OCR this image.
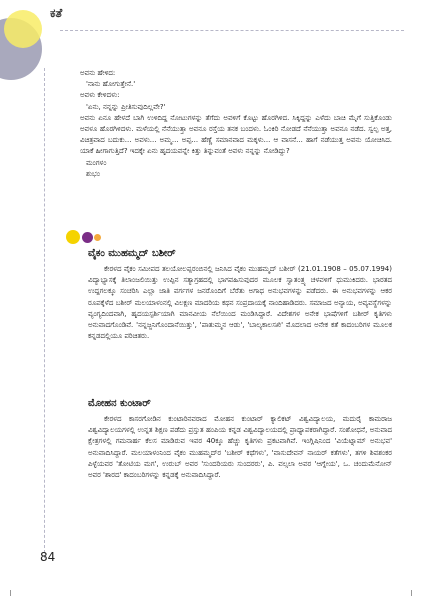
ಕತೆ

ಅವನು ಹೇಳಿದ:

'ನಾನು ಹೋಗುತ್ತೇನೆ.'

ಅವಳು ಕೇಳಿದಳು:

'ಏನು, ನನ್ನನ್ನು ಪ್ರೀತಿಸುವುದಿಲ್ಲವೇ?'

ಅವನು ಏನೂ ಹೇಳದೆ ಬಾಗಿ ಉಳಿದಿದ್ದ ನೋಟುಗಳನ್ನು ತೆಗೆದು ಅವಳಿಗೆ ಕೊಟ್ಟು ಹೊರಗಿಳಿದ. ಸಿಕ್ಕಿದ್ದನ್ನು ಎಳೆದು ಬಾಚಿ ಮೈಗೆ ಸುತ್ತಿಕೊಂಡು ಅವಳೂ ಹೊರಗಿಳಿದಳು. ಮಳೆಯಲ್ಲಿ ನೆನೆಯುತ್ತಾ ಅವನೂ ರಸ್ತೆಯ ತನಕ ಬಂದಳು. ಓಂಕಿರಿ ನೋಡದೆ ನೆನೆಯುತ್ತಾ ಅವನೂ ನಡೆದ. ಸ್ವಲ್ಪ ಅತ್ತ, ವಿಚಿತ್ರವಾದ ಬದುಕು... ಅವಳು... ಅಮ್ಮ... ಅಪ್ಪ... ಹೆಣ್ಣೆ ಸಮಾನವಾದ ಮಕ್ಕಳು... ಆ ವಾಸನೆ... ಹಾಗೆ ನಡೆಯುತ್ತ ಅವನು ಯೋಚಿಸಿದ. ಯಾಕೆ ಹೀಗಾಗುತ್ತಿದೆ? ಇದಕ್ಕೇ ಏನು ಹೃದಯವನ್ನೇ ಕಿತ್ತು ತಿನ್ನುವಂತೆ ಅವಳು ನನ್ನನ್ನು ನೋಡಿದ್ದು?

ಮಂಗಳಂ

ಶುಭಂ

ವೈಕಂ ಮುಹಮ್ಮದ್ ಬಶೀರ್
ಕೇರಳದ ವೈಕಂ ಸಮೀಪದ ತಲಯೋಲಪ್ಪರಂಬಿನಲ್ಲಿ ಜನಿಸಿದ ವೈಕಂ ಮುಹಮ್ಮದ್ ಬಶೀರ್ (21.01.1908 – 05.07.1994) ವಿದ್ಯಾಭ್ಯಾಸಕ್ಕೆ ತಿಲಾಂಜಲಿಯಿತ್ತು ಉಪ್ಪಿನ ಸತ್ಯಾಗ್ರಹದಲ್ಲಿ ಭಾಗವಹಿಸುವುದರ ಮೂಲಕ ಸ್ವಾತಂತ್ರ್ಯ ಚಳವಳಿಗೆ ಧುಮುಕಿದರು. ಭಾರತದ ಉದ್ದಗಲಕ್ಕೂ ಸಂಚರಿಸಿ ಎಲ್ಲಾ ಜಾತಿ ವರ್ಗಗಳ ಜನರೊಂದಿಗೆ ಬೆರೆತು ಅಗಾಧ ಅನುಭವಗಳನ್ನು ಪಡೆದರು. ಈ ಅನುಭವಗಳನ್ನು ಆಕರ ರೂಪಕ್ಕೆಳೆದ ಬಶೀರ್ ಮಲಯಾಳಂನಲ್ಲಿ ವಿಲಕ್ಷಣ ಮಾದರಿಯ ಕಥನ ಸಂಪ್ರದಾಯಕ್ಕೆ ನಾಂದಿಹಾಡಿದರು. ಸಮಾಜದ ಅನ್ಯಾಯ, ಅವ್ಯವಸ್ಥೆಗಳನ್ನು ವ್ಯಂಗ್ಯದಿಂದವಾಗಿ, ಹೃದಯಸ್ಪರ್ಶಿಯಾಗಿ ಮಾನವೀಯ ನೆಲೆಯಿಂದ ಮಂಡಿಸಿದ್ದಾರೆ. ವಿದೇಶಗಳ ಅನೇಕ ಭಾಷೆಗಳಿಗೆ ಬಶೀರ್ ಕೃತಿಗಳು ಅನುವಾದಗೊಂಡಿವೆ. 'ನನ್ನಜ್ಜನಿಗೊಂದಾನೆಯಿತ್ತು', 'ಪಾತುಮ್ಮನ ಆಡು', 'ಬಾಲ್ಯಕಾಲಸಖಿ' ಮೊದಲಾದ ಅನೇಕ ಕತೆ ಕಾದಂಬರಿಗಳ ಮೂಲಕ ಕನ್ನಡದಲ್ಲಿಯೂ ಪರಿಚಿತರು.
ಮೋಹನ ಕುಂಟಾರ್
ಕೇರಳದ ಕಾಸರಗೋಡಿನ ಕುಂಟಾರಿನವರಾದ ಮೋಹನ ಕುಂಟಾರ್ ಕ್ಯಾಲಿಕಟ್ ವಿಶ್ವವಿದ್ಯಾಲಯ, ಮದುರೈ ಕಾಮರಾಜ ವಿಶ್ವವಿದ್ಯಾಲಯಗಳಲ್ಲಿ ಉನ್ನತ ಶಿಕ್ಷಣ ಪಡೆದು ಪ್ರಸ್ತುತ ಹಂಪಿಯ ಕನ್ನಡ ವಿಶ್ವವಿದ್ಯಾಲಯದಲ್ಲಿ ಪ್ರಾಧ್ಯಾಪಕರಾಗಿದ್ದಾರೆ. ಸಂಶೋಧನೆ, ಅನುವಾದ ಕ್ಷೇತ್ರಗಳಲ್ಲಿ ಗಮನಾರ್ಹ ಕೆಲಸ ಮಾಡಿರುವ ಇವರ 40ಕ್ಕೂ ಹೆಚ್ಚು ಕೃತಿಗಳು ಪ್ರಕಟವಾಗಿವೆ. ಇಂಗ್ಲಿಷಿನಿಂದ 'ವಿಯೆಟ್ನಾಮ್ ಅನುಭವ' ಅನುವಾದಿಸಿದ್ದಾರೆ. ಮಲಯಾಳಂನಿಂದ ವೈಕಂ ಮುಹಮ್ಮದ್‌ರ 'ಬಶೀರ್ ಕಥೆಗಳು', 'ವಾಸುದೇವನ್ ನಾಯರ್ ಕತೆಗಳು', ತಗಳಿ ಶಿವಶಂಕರ ಪಿಳ್ಳೆಯವರ 'ತೋಟಿಯ ಮಗ', ಉರುಬ್ ಅವರ 'ಸುಂದರಿಯರು ಸುಂದರರು', ಪಿ. ವಲ್ಸಲಾ ಅವರ 'ಆಗ್ನೇಯ', ಒ. ಚಂದುಮೆನೋನ್ ಅವರ 'ಶಾರದ' ಕಾದಂಬರಿಗಳನ್ನು ಕನ್ನಡಕ್ಕೆ ಅನುವಾದಿಸಿದ್ದಾರೆ.
84
